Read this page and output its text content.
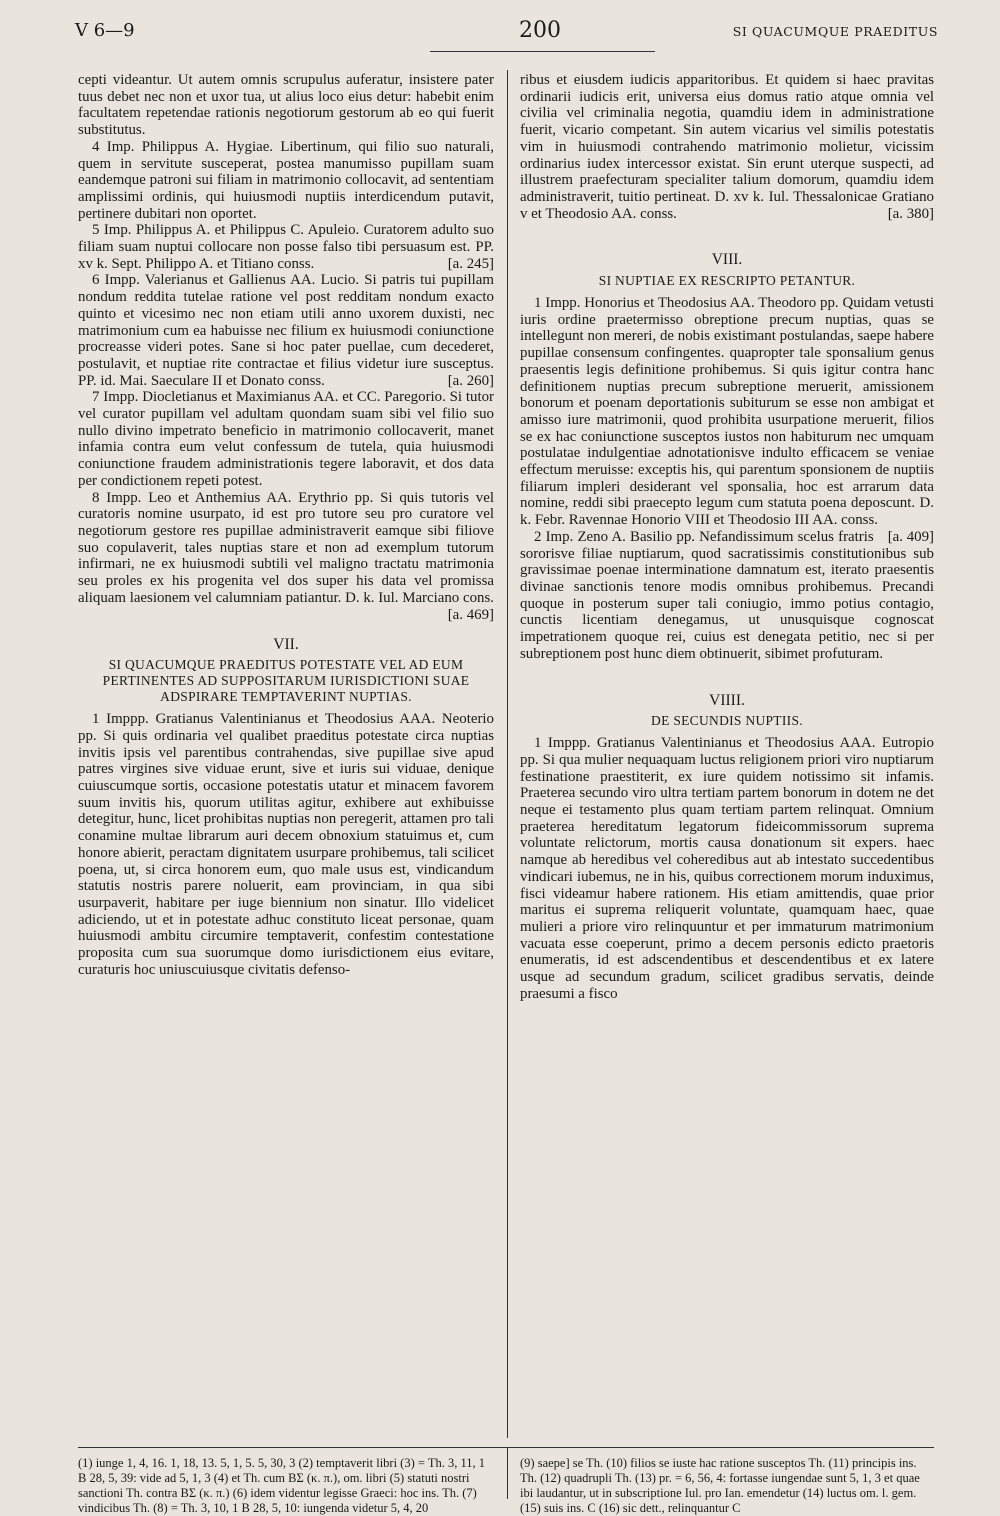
V 6—9	200	SI QUACUMQUE PRAEDITUS

cepti videantur. Ut autem omnis scrupulus auferatur, insistere pater tuus debet nec non et uxor tua, ut alius loco eius detur: habebit enim facultatem repetendae rationis negotiorum gestorum ab eo qui fuerit substitutus.

4 Imp. Philippus A. Hygiae. Libertinum, qui filio suo naturali, quem in servitute susceperat, postea manumisso pupillam suam eandemque patroni sui filiam in matrimonio collocavit, ad sententiam amplissimi ordinis, qui huiusmodi nuptiis interdicendum putavit, pertinere dubitari non oportet.

5 Imp. Philippus A. et Philippus C. Apuleio. Curatorem adulto suo filiam suam nuptui collocare non posse falso tibi persuasum est. PP. xv k. Sept. Philippo A. et Titiano conss.	[a. 245]

6 Impp. Valerianus et Gallienus AA. Lucio. Si patris tui pupillam nondum reddita tutelae ratione vel post redditam nondum exacto quinto et vicesimo nec non etiam utili anno uxorem duxisti, nec matrimonium cum ea habuisse nec filium ex huiusmodi coniunctione procreasse videri potes. Sane si hoc pater puellae, cum decederet, postulavit, et nuptiae rite contractae et filius videtur iure susceptus. PP. id. Mai. Saeculare II et Donato conss.	[a. 260]

7 Impp. Diocletianus et Maximianus AA. et CC. Paregorio. Si tutor vel curator pupillam vel adultam quondam suam sibi vel filio suo nullo divino impetrato beneficio in matrimonio collocaverit, manet infamia contra eum velut confessum de tutela, quia huiusmodi coniunctione fraudem administrationis tegere laboravit, et dos data per condictionem repeti potest.

8 Impp. Leo et Anthemius AA. Erythrio pp. Si quis tutoris vel curatoris nomine usurpato, id est pro tutore seu pro curatore vel negotiorum gestore res pupillae administraverit eamque sibi filiove suo copulaverit, tales nuptias stare et non ad exemplum tutorum infirmari, ne ex huiusmodi subtili vel maligno tractatu matrimonia seu proles ex his progenita vel dos super his data vel promissa aliquam laesionem vel calumniam patiantur. D. k. Iul. Marciano cons.
[a. 469]

VII.
SI QUACUMQUE PRAEDITUS POTESTATE VEL AD EUM PERTINENTES AD SUPPOSITARUM IURISDICTIONI SUAE ADSPIRARE TEMPTAVERINT NUPTIAS.

1 Imppp. Gratianus Valentinianus et Theodosius AAA. Neoterio pp. Si quis ordinaria vel qualibet praeditus potestate circa nuptias invitis ipsis vel parentibus contrahendas, sive pupillae sive apud patres virgines sive viduae erunt, sive et iuris sui viduae, denique cuiuscumque sortis, occasione potestatis utatur et minacem favorem suum invitis his, quorum utilitas agitur, exhibere aut exhibuisse detegitur, hunc, licet prohibitas nuptias non peregerit, attamen pro tali conamine multae librarum auri decem obnoxium statuimus et, cum honore abierit, peractam dignitatem usurpare prohibemus, tali scilicet poena, ut, si circa honorem eum, quo male usus est, vindicandum statutis nostris parere noluerit, eam provinciam, in qua sibi usurpaverit, habitare per iuge biennium non sinatur. Illo videlicet adiciendo, ut et in potestate adhuc constituto liceat personae, quam huiusmodi ambitu circumire temptaverit, confestim contestatione proposita cum sua suorumque domo iurisdictionem eius evitare, curaturis hoc uniuscuiusque civitatis defenso-

ribus et eiusdem iudicis apparitoribus. Et quidem si haec pravitas ordinarii iudicis erit, universa eius domus ratio atque omnia vel civilia vel criminalia negotia, quamdiu idem in administratione fuerit, vicario competant. Sin autem vicarius vel similis potestatis vim in huiusmodi contrahendo matrimonio molietur, vicissim ordinarius iudex intercessor existat. Sin erunt uterque suspecti, ad illustrem praefecturam specialiter talium domorum, quamdiu idem administraverit, tuitio pertineat. D. xv k. Iul. Thessalonicae Gratiano v et Theodosio AA. conss.	[a. 380]

VIII.
SI NUPTIAE EX RESCRIPTO PETANTUR.

1 Impp. Honorius et Theodosius AA. Theodoro pp. Quidam vetusti iuris ordine praetermisso obreptione precum nuptias, quas se intellegunt non mereri, de nobis existimant postulandas, saepe habere pupillae consensum confingentes. quapropter tale sponsalium genus praesentis legis definitione prohibemus. Si quis igitur contra hanc definitionem nuptias precum subreptione meruerit, amissionem bonorum et poenam deportationis subiturum se esse non ambigat et amisso iure matrimonii, quod prohibita usurpatione meruerit, filios se ex hac coniunctione susceptos iustos non habiturum nec umquam postulatae indulgentiae adnotationisve indulto efficacem se veniae effectum meruisse: exceptis his, qui parentum sponsionem de nuptiis filiarum impleri desiderant vel sponsalia, hoc est arrarum data nomine, reddi sibi praecepto legum cum statuta poena deposcunt. D. k. Febr. Ravennae Honorio VIII et Theodosio III AA. conss.
[a. 409]

2 Imp. Zeno A. Basilio pp. Nefandissimum scelus fratris sororisve filiae nuptiarum, quod sacratissimis constitutionibus sub gravissimae poenae interminatione damnatum est, iterato praesentis divinae sanctionis tenore modis omnibus prohibemus. Precandi quoque in posterum super tali coniugio, immo potius contagio, cunctis licentiam denegamus, ut unusquisque cognoscat impetrationem quoque rei, cuius est denegata petitio, nec si per subreptionem post hunc diem obtinuerit, sibimet profuturam.

VIIII.
DE SECUNDIS NUPTIIS.

1 Imppp. Gratianus Valentinianus et Theodosius AAA. Eutropio pp. Si qua mulier nequaquam luctus religionem priori viro nuptiarum festinatione praestiterit, ex iure quidem notissimo sit infamis. Praeterea secundo viro ultra tertiam partem bonorum in dotem ne det neque ei testamento plus quam tertiam partem relinquat. Omnium praeterea hereditatum legatorum fideicommissorum suprema voluntate relictorum, mortis causa donationum sit expers. haec namque ab heredibus vel coheredibus aut ab intestato succedentibus vindicari iubemus, ne in his, quibus correctionem morum induximus, fisci videamur habere rationem. His etiam amittendis, quae prior maritus ei suprema reliquerit voluntate, quamquam haec, quae mulieri a priore viro relinquuntur et per immaturum matrimonium vacuata esse coeperunt, primo a decem personis edicto praetoris enumeratis, id est adscendentibus et descendentibus et ex latere usque ad secundum gradum, scilicet gradibus servatis, deinde praesumi a fisco

(1) iunge 1, 4, 16. 1, 18, 13. 5, 1, 5. 5, 30, 3 (2) temptaverit libri (3) = Th. 3, 11, 1 B 28, 5, 39: vide ad 5, 1, 3 (4) et Th. cum BΣ (κ. π.), om. libri (5) statuti nostri sanctioni Th. contra BΣ (κ. π.) (6) idem videntur legisse Graeci: hoc ins. Th. (7) vindicibus Th. (8) = Th. 3, 10, 1 B 28, 5, 10: iungenda videtur 5, 4, 20
(9) saepe] se Th. (10) filios se iuste hac ratione susceptos Th. (11) principis ins. Th. (12) quadrupli Th. (13) pr. = 6, 56, 4: fortasse iungendae sunt 5, 1, 3 et quae ibi laudantur, ut in subscriptione Iul. pro Ian. emendetur (14) luctus om. l. gem. (15) suis ins. C (16) sic dett., relinquantur C
